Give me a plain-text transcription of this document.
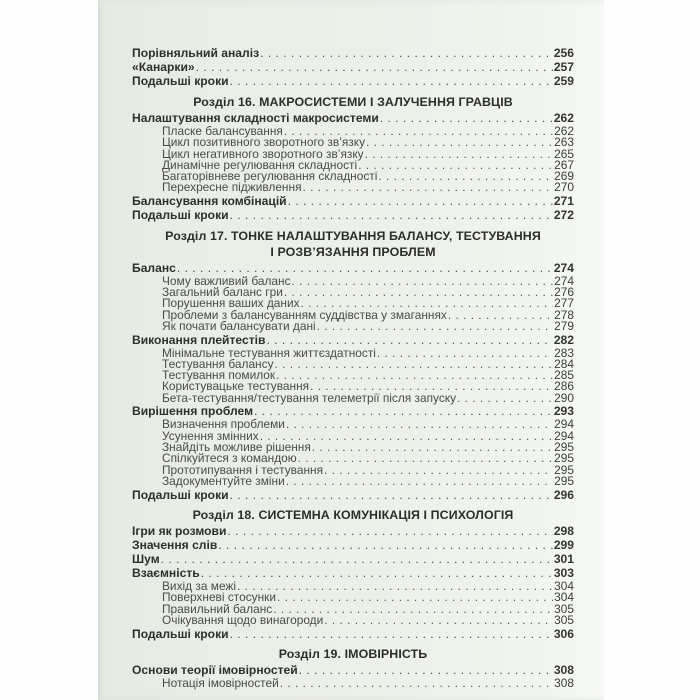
Порівняльний аналіз . . .	256
«Канарки» . . .	257
Подальші кроки . . .	259
Розділ 16. МАКРОСИСТЕМИ І ЗАЛУЧЕННЯ ГРАВЦІВ
Налаштування складності макросистеми . . .	262
Пласке балансування . . .	262
Цикл позитивного зворотного зв’язку . . .	263
Цикл негативного зворотного зв’язку . . .	265
Динамічне регулювання складності . . .	267
Багаторівневе регулювання складності . . .	269
Перехресне підживлення . . .	270
Балансування комбінацій . . .	271
Подальші кроки . . .	272
Розділ 17. ТОНКЕ НАЛАШТУВАННЯ БАЛАНСУ, ТЕСТУВАННЯ
І РОЗВ’ЯЗАННЯ ПРОБЛЕМ
Баланс . . .	274
Чому важливий баланс . . .	274
Загальний баланс гри . . .	276
Порушення ваших даних . . .	277
Проблеми з балансуванням суддівства у змаганнях . . .	278
Як почати балансувати дані . . .	279
Виконання плейтестів . . .	282
Мінімальне тестування життєздатності . . .	283
Тестування балансу . . .	284
Тестування помилок . . .	285
Користувацьке тестування . . .	286
Бета-тестування/тестування телеметрії після запуску . . .	290
Вирішення проблем . . .	293
Визначення проблеми . . .	294
Усунення змінних . . .	294
Знайдіть можливе рішення . . .	295
Спілкуйтеся з командою . . .	295
Прототипування і тестування . . .	295
Задокументуйте зміни . . .	295
Подальші кроки . . .	296
Розділ 18. СИСТЕМНА КОМУНІКАЦІЯ І ПСИХОЛОГІЯ
Ігри як розмови . . .	298
Значення слів . . .	299
Шум . . .	301
Взаємність . . .	303
Вихід за межі . . .	304
Поверхневі стосунки . . .	304
Правильний баланс . . .	305
Очікування щодо винагороди . . .	305
Подальші кроки . . .	306
Розділ 19. ІМОВІРНІСТЬ
Основи теорії імовірностей . . .	308
Нотація імовірностей . . .	308
